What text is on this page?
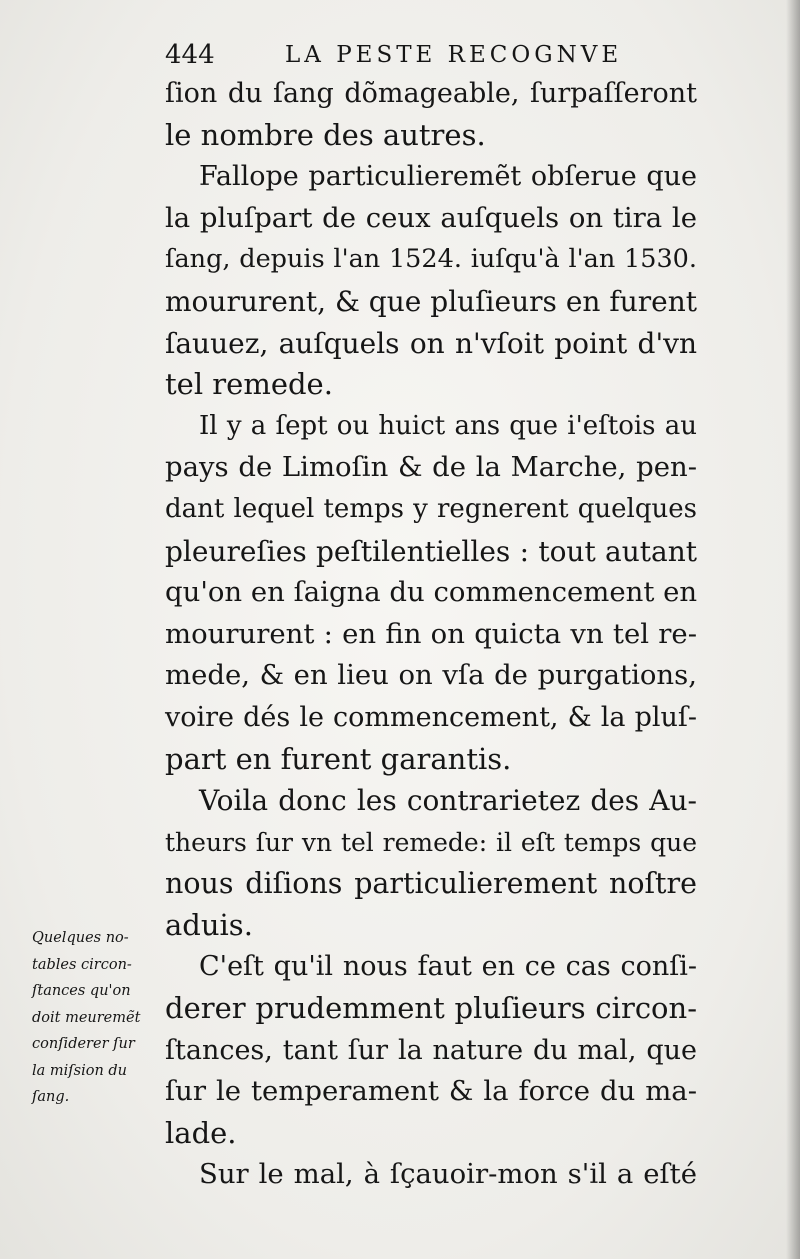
444	LA PESTE RECOGNVE
ſion du ſang dõmageable, ſurpaſſeront
le nombre des autres.
Fallope particulieremẽt obſerue que
la pluſpart de ceux auſquels on tira le
ſang, depuis l'an 1524. iuſqu'à l'an 1530.
moururent, & que pluſieurs en furent
ſauuez, auſquels on n'vſoit point d'vn
tel remede.
Il y a ſept ou huict ans que i'eſtois au
pays de Limoſin & de la Marche, pen-
dant lequel temps y regnerent quelques
pleureſies peſtilentielles : tout autant
qu'on en ſaigna du commencement en
moururent : en fin on quicta vn tel re-
mede, & en lieu on vſa de purgations,
voire dés le commencement, & la pluſ-
part en furent garantis.
Voila donc les contrarietez des Au-
theurs ſur vn tel remede: il eſt temps que
nous diſions particulierement noſtre
aduis.
C'eſt qu'il nous faut en ce cas conſi-
derer prudemment pluſieurs circon-
ſtances, tant ſur la nature du mal, que
ſur le temperament & la force du ma-
lade.
Sur le mal, à ſçauoir-mon s'il a eſté
Quelques no-
tables circon-
ſtances qu'on
doit meuremẽt
conſiderer ſur
la miſsion du
ſang.
